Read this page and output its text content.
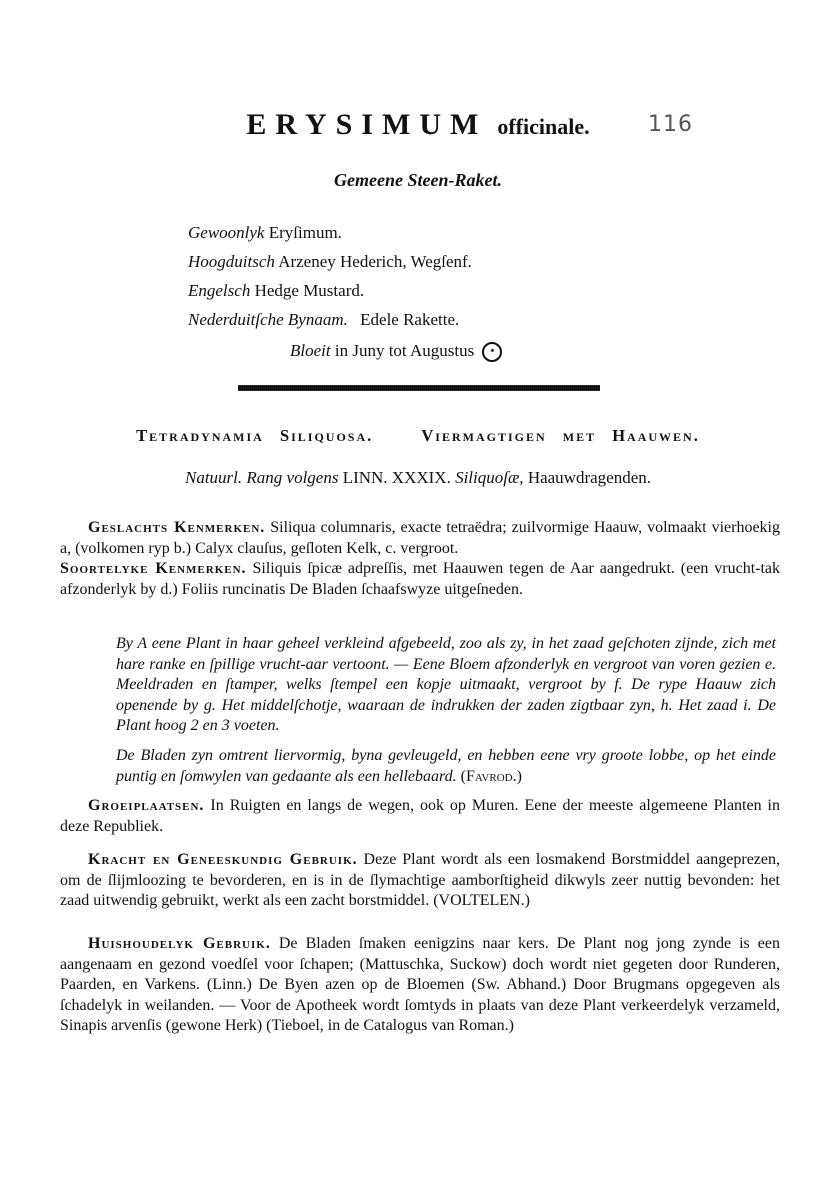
ERYSIMUM officinale.	116
Gemeene Steen-Raket.
Gewoonlyk Eryſimum.
Hoogduitsch Arzeney Hederich, Wegſenf.
Engelsch Hedge Mustard.
Nederduitſche Bynaam. Edele Rakette.
Bloeit in Juny tot Augustus •
Tetradynamia Siliquosa.	Viermagtigen met Haauwen.
Natuurl. Rang volgens LINN. XXXIX. Siliquoſæ, Haauwdragenden.

Geslachts Kenmerken. Siliqua columnaris, exacte tetraëdra; zuilvormige Haauw, volmaakt vierhoekig a, (volkomen ryp b.) Calyx clauſus, geſloten Kelk, c. vergroot.

Soortelyke Kenmerken. Siliquis ſpicæ adpreſſis, met Haauwen tegen de Aar aangedrukt. (een vrucht-tak afzonderlyk by d.) Foliis runcinatis De Bladen ſchaafswyze uitgeſneden.

By A eene Plant in haar geheel verkleind afgebeeld, zoo als zy, in het zaad geſchoten zijnde, zich met hare ranke en ſpillige vrucht-aar vertoont. — Eene Bloem afzonderlyk en vergroot van voren gezien e. Meeldraden en ſtamper, welks ſtempel een kopje uitmaakt, vergroot by f. De rype Haauw zich openende by g. Het middelſchotje, waaraan de indrukken der zaden zigtbaar zyn, h. Het zaad i. De Plant hoog 2 en 3 voeten.
De Bladen zyn omtrent liervormig, byna gevleugeld, en hebben eene vry groote lobbe, op het einde puntig en ſomwylen van gedaante als een hellebaard. (Favrod.)

Groeiplaatsen. In Ruigten en langs de wegen, ook op Muren. Eene der meeste algemeene Planten in deze Republiek.

Kracht en Geneeskundig Gebruik. Deze Plant wordt als een losmakend Borstmiddel aangeprezen, om de ſlijmloozing te bevorderen, en is in de ſlymachtige aamborſtigheid dikwyls zeer nuttig bevonden: het zaad uitwendig gebruikt, werkt als een zacht borstmiddel. (VOLTELEN.)

Huishoudelyk Gebruik. De Bladen ſmaken eenigzins naar kers. De Plant nog jong zynde is een aangenaam en gezond voedſel voor ſchapen; (Mattuschka, Suckow) doch wordt niet gegeten door Runderen, Paarden, en Varkens. (Linn.) De Byen azen op de Bloemen (Sw. Abhand.) Door Brugmans opgegeven als ſchadelyk in weilanden. — Voor de Apotheek wordt ſomtyds in plaats van deze Plant verkeerdelyk verzameld, Sinapis arvenſis (gewone Herk) (Tieboel, in de Catalogus van Roman.)
